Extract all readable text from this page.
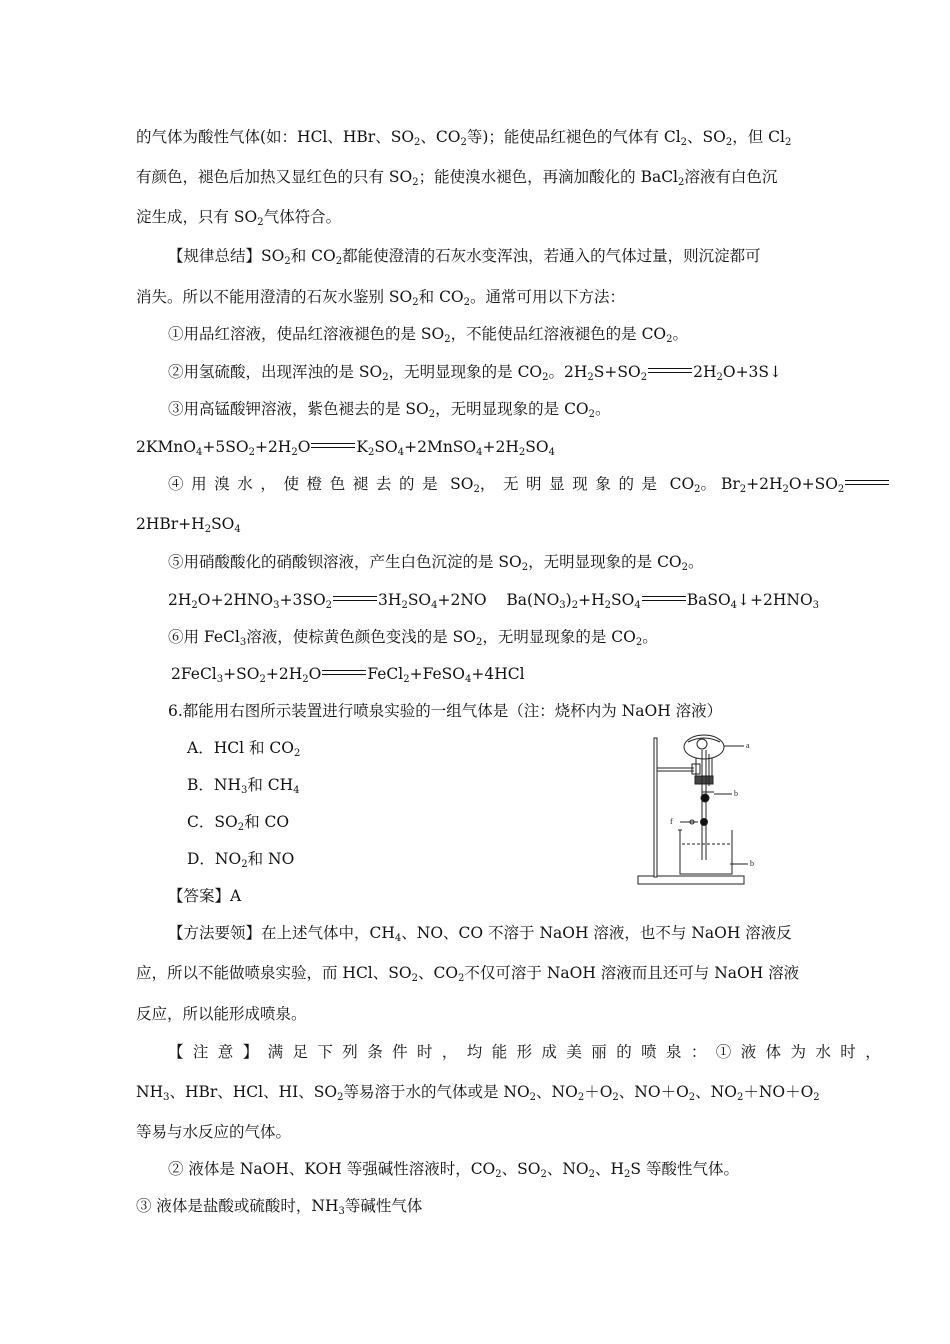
的气体为酸性气体(如：HCl、HBr、$SO_2$、$CO_2$等)；能使品红褪色的气体有 $Cl_2$、$SO_2$，但 $Cl_2$
有颜色，褪色后加热又显红色的只有 $SO_2$；能使溴水褪色，再滴加酸化的 BaCl$_2$溶液有白色沉
淀生成，只有 $SO_2$气体符合。
【规律总结】$SO_2$和 $CO_2$都能使澄清的石灰水变浑浊，若通入的气体过量，则沉淀都可
消失。所以不能用澄清的石灰水鉴别 $SO_2$和 $CO_2$。通常可用以下方法：
①用品红溶液，使品红溶液褪色的是 $SO_2$，不能使品红溶液褪色的是 $CO_2$。
②用氢硫酸，出现浑浊的是 $SO_2$，无明显现象的是 $CO_2$。$2H_2S+SO_2$	$2H_2O+3S↓$
③用高锰酸钾溶液，紫色褪去的是 $SO_2$，无明显现象的是 $CO_2$。
$2KMnO_4+5SO_2+2H_2O$	$K_2SO_4+2MnSO_4+2H_2SO_4$
④用溴水，使橙色褪去的是 $SO_2$，无明显现象的是 $CO_2$。 $Br_2+2H_2O+SO_2$
$2HBr+H_2SO_4$
⑤用硝酸酸化的硝酸钡溶液，产生白色沉淀的是 $SO_2$，无明显现象的是 $CO_2$。
$2H_2O+2HNO_3+3SO_2$	$3H_2SO_4+2NO$    $Ba(NO_3)_2+H_2SO_4$	$BaSO_4↓+2HNO_3$
⑥用 FeCl$_3$溶液，使棕黄色颜色变浅的是 $SO_2$，无明显现象的是 $CO_2$。
$2FeCl_3+SO_2+2H_2O$	FeCl$_2$+FeSO$_4$+4HCl
6.都能用右图所示装置进行喷泉实验的一组气体是（注：烧杯内为 NaOH 溶液）
A．HCl 和 $CO_2$
B．$NH_3$和 $CH_4$
C．$SO_2$和 CO
D．$NO_2$和 NO
【答案】A
【方法要领】在上述气体中，$CH_4$、NO、CO 不溶于 NaOH 溶液，也不与 NaOH 溶液反
应，所以不能做喷泉实验，而 HCl、$SO_2$、$CO_2$不仅可溶于 NaOH 溶液而且还可与 NaOH 溶液
反应，所以能形成喷泉。
【注意】满足下列条件时，均能形成美丽的喷泉：①液体为水时，
$NH_3$、HBr、HCl、HI、$SO_2$等易溶于水的气体或是 $NO_2$、$NO_2+O_2$、$NO+O_2$、$NO_2+NO+O_2$
等易与水反应的气体。
② 液体是 NaOH、KOH 等强碱性溶液时，$CO_2$、$SO_2$、$NO_2$、$H_2S$ 等酸性气体。
③ 液体是盐酸或硫酸时，$NH_3$等碱性气体
a
b
f
b
